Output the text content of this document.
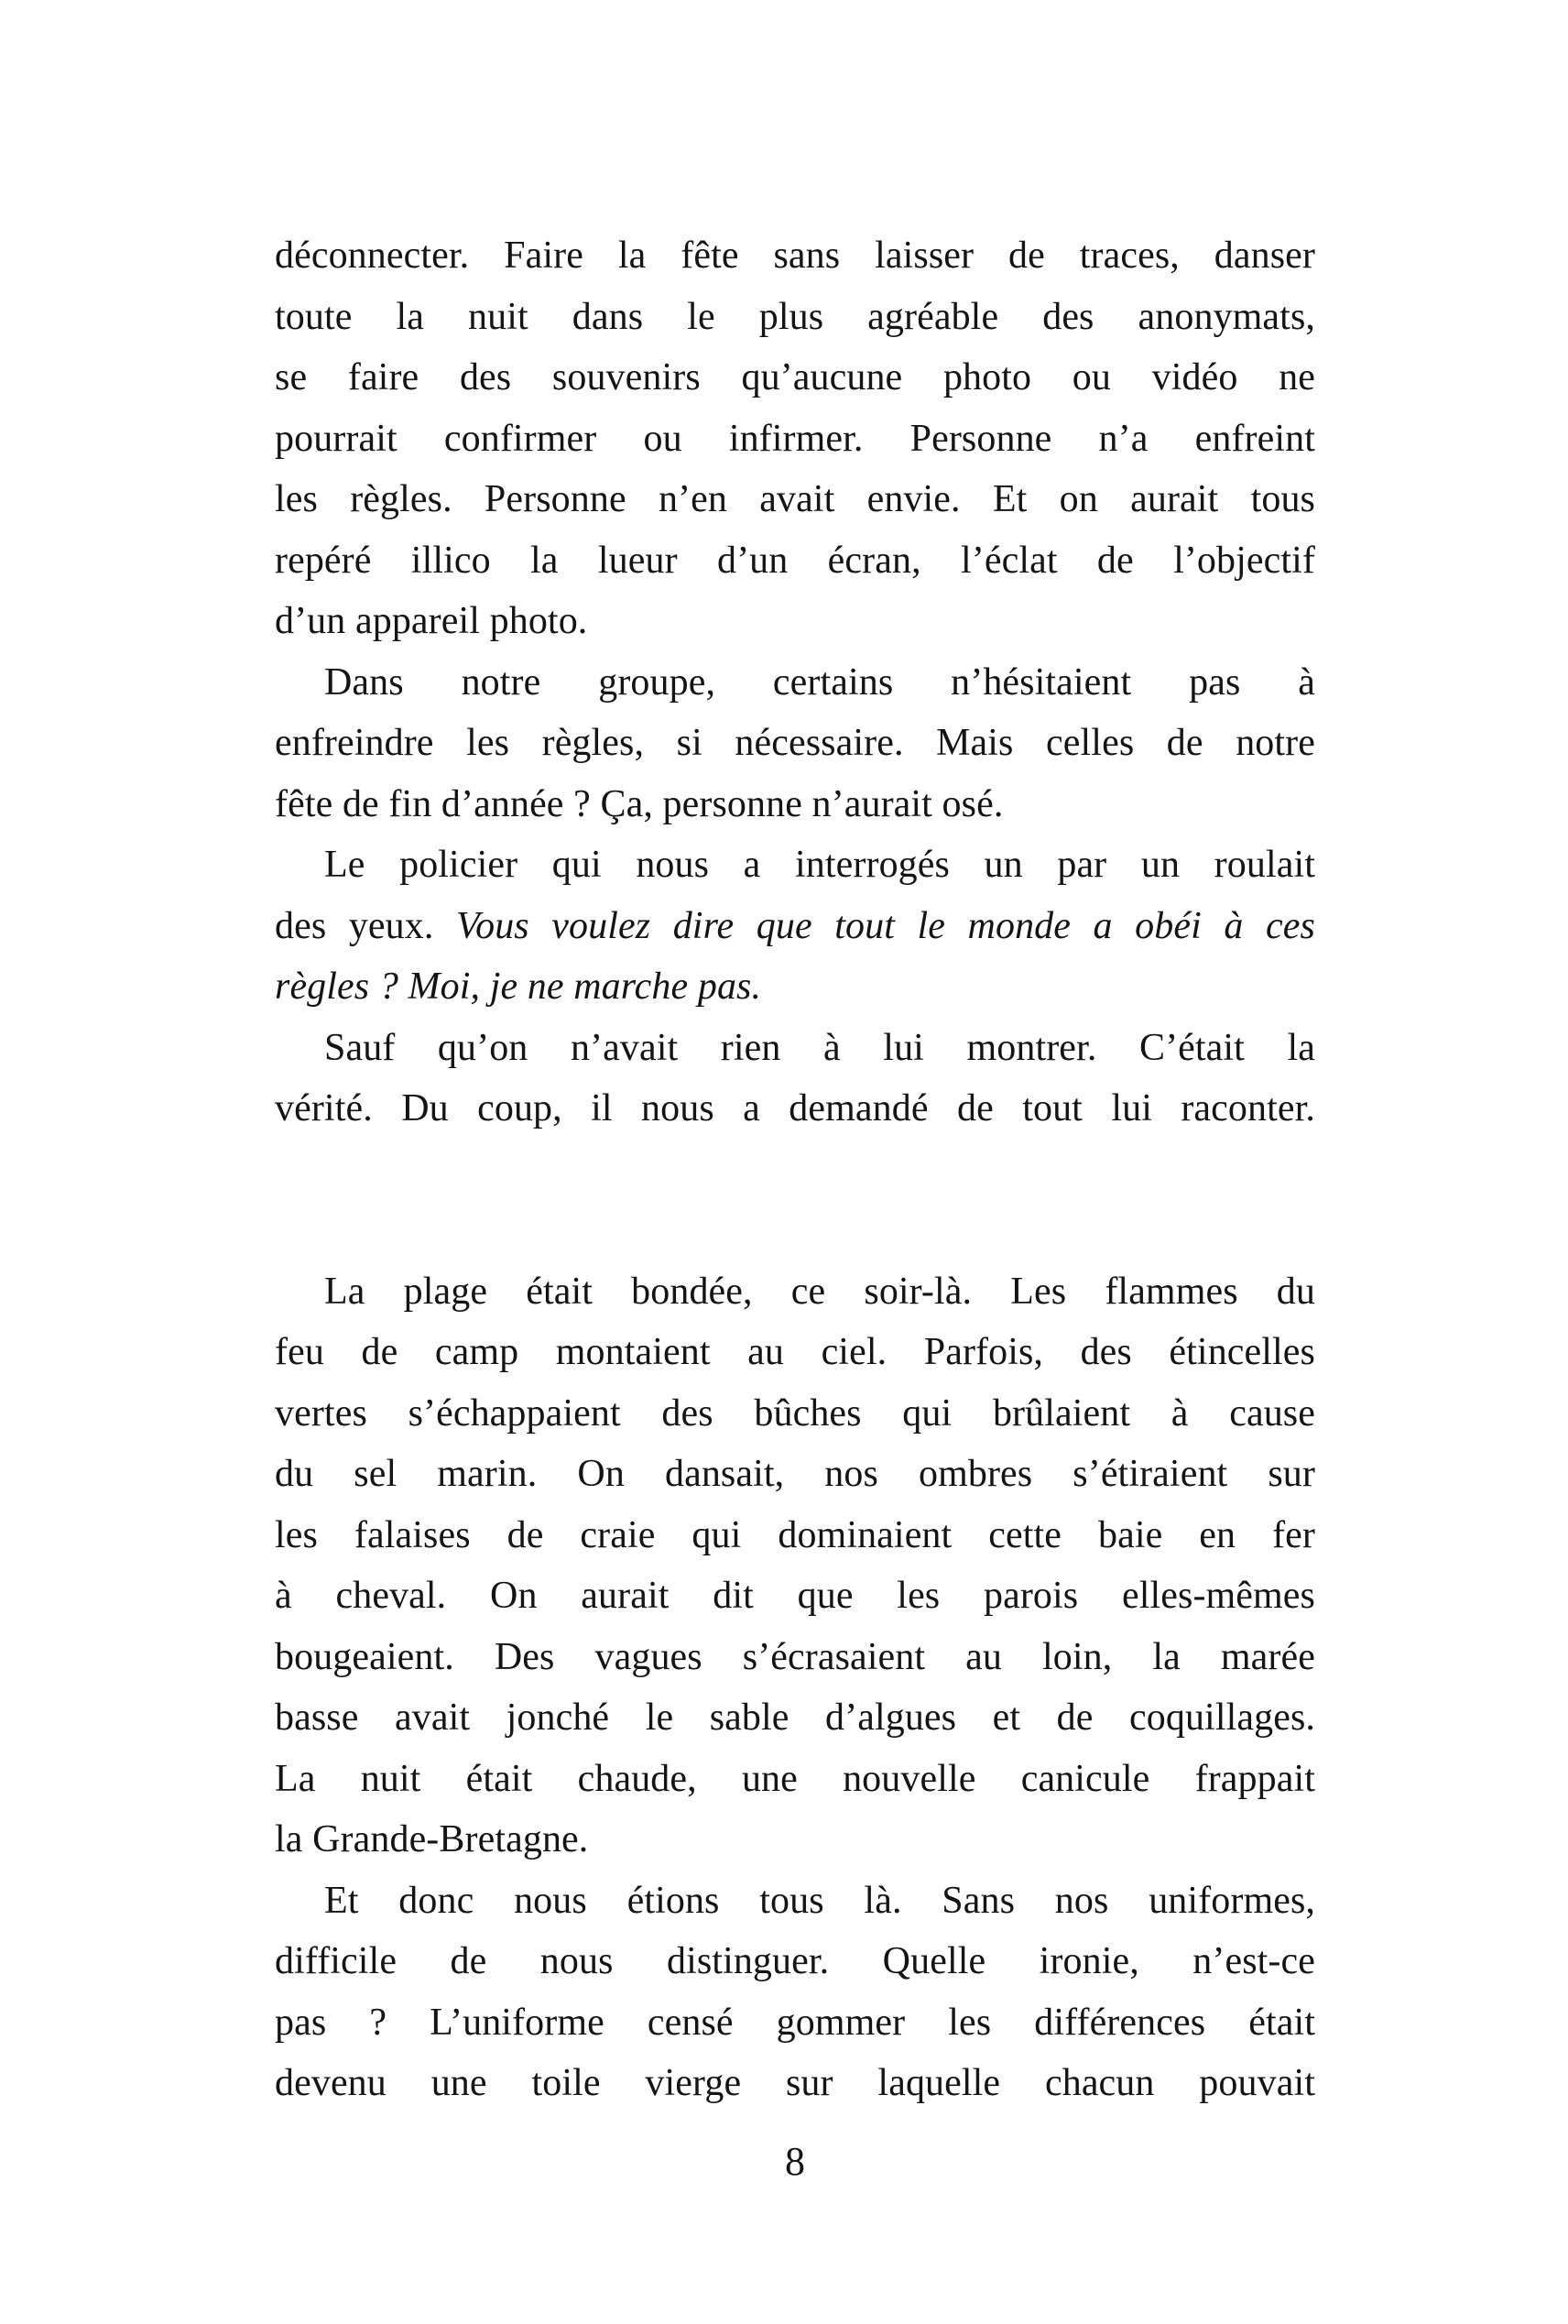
déconnecter. Faire la fête sans laisser de traces, danser
toute la nuit dans le plus agréable des anonymats,
se faire des souvenirs qu’aucune photo ou vidéo ne
pourrait confirmer ou infirmer. Personne n’a enfreint
les règles. Personne n’en avait envie. Et on aurait tous
repéré illico la lueur d’un écran, l’éclat de l’objectif
d’un appareil photo.

Dans notre groupe, certains n’hésitaient pas à
enfreindre les règles, si nécessaire. Mais celles de notre
fête de fin d’année ? Ça, personne n’aurait osé.

Le policier qui nous a interrogés un par un roulait
des yeux. Vous voulez dire que tout le monde a obéi à ces
règles ? Moi, je ne marche pas.

Sauf qu’on n’avait rien à lui montrer. C’était la
vérité. Du coup, il nous a demandé de tout lui raconter.

La plage était bondée, ce soir-là. Les flammes du
feu de camp montaient au ciel. Parfois, des étincelles
vertes s’échappaient des bûches qui brûlaient à cause
du sel marin. On dansait, nos ombres s’étiraient sur
les falaises de craie qui dominaient cette baie en fer
à cheval. On aurait dit que les parois elles-mêmes
bougeaient. Des vagues s’écrasaient au loin, la marée
basse avait jonché le sable d’algues et de coquillages.
La nuit était chaude, une nouvelle canicule frappait
la Grande-Bretagne.

Et donc nous étions tous là. Sans nos uniformes,
difficile de nous distinguer. Quelle ironie, n’est-ce
pas ? L’uniforme censé gommer les différences était
devenu une toile vierge sur laquelle chacun pouvait

8
